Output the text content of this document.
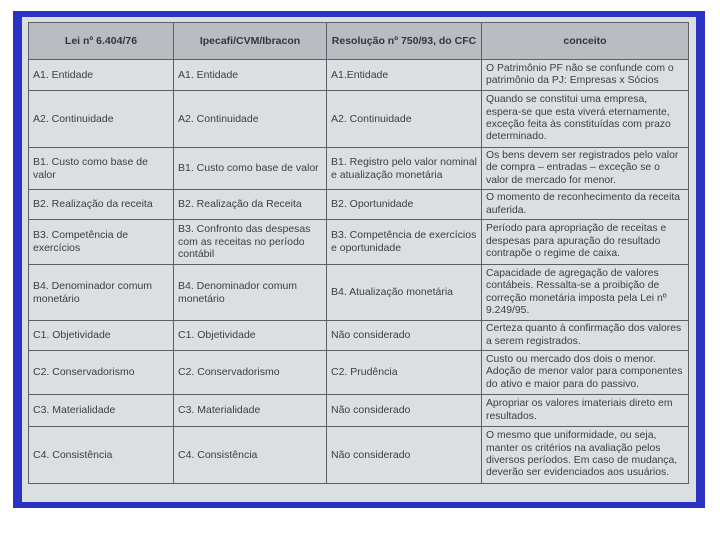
Lei nº 6.404/76	Ipecafi/CVM/Ibracon	Resolução nº 750/93, do CFC	conceito
A1. Entidade	A1. Entidade	A1.Entidade	O Patrimônio PF não se confunde com o patrimônio da PJ: Empresas x Sócios
A2. Continuidade	A2. Continuidade	A2. Continuidade	Quando se constitui uma empresa, espera-se que esta viverá eternamente, exceção feita às constituídas com prazo determinado.
B1. Custo como base de valor	B1. Custo como base de valor	B1. Registro pelo valor nominal e atualização monetária	Os bens devem ser registrados pelo valor de compra – entradas – exceção se o valor de mercado for menor.
B2. Realização da receita	B2. Realização da Receita	B2. Oportunidade	O momento de reconhecimento da receita auferida.
B3. Competência de exercícios	B3. Confronto das despesas com as receitas no período contábil	B3. Competência de exercícios e oportunidade	Período para apropriação de receitas e despesas para apuração do resultado contrapõe o regime de caixa.
B4. Denominador comum monetário	B4. Denominador comum monetário	B4. Atualização monetária	Capacidade de agregação de valores contábeis. Ressalta-se a proibição de correção monetária imposta pela Lei nº 9.249/95.
C1. Objetividade	C1. Objetividade	Não considerado	Certeza quanto à confirmação dos valores a serem registrados.
C2. Conservadorismo	C2. Conservadorismo	C2. Prudência	Custo ou mercado dos dois o menor. Adoção de menor valor para componentes do ativo e maior para do passivo.
C3. Materialidade	C3. Materialidade	Não considerado	Apropriar os valores imateriais direto em resultados.
C4. Consistência	C4. Consistência	Não considerado	O mesmo que uniformidade, ou seja, manter os critérios na avaliação pelos diversos períodos. Em caso de mudança, deverão ser evidenciados aos usuários.
